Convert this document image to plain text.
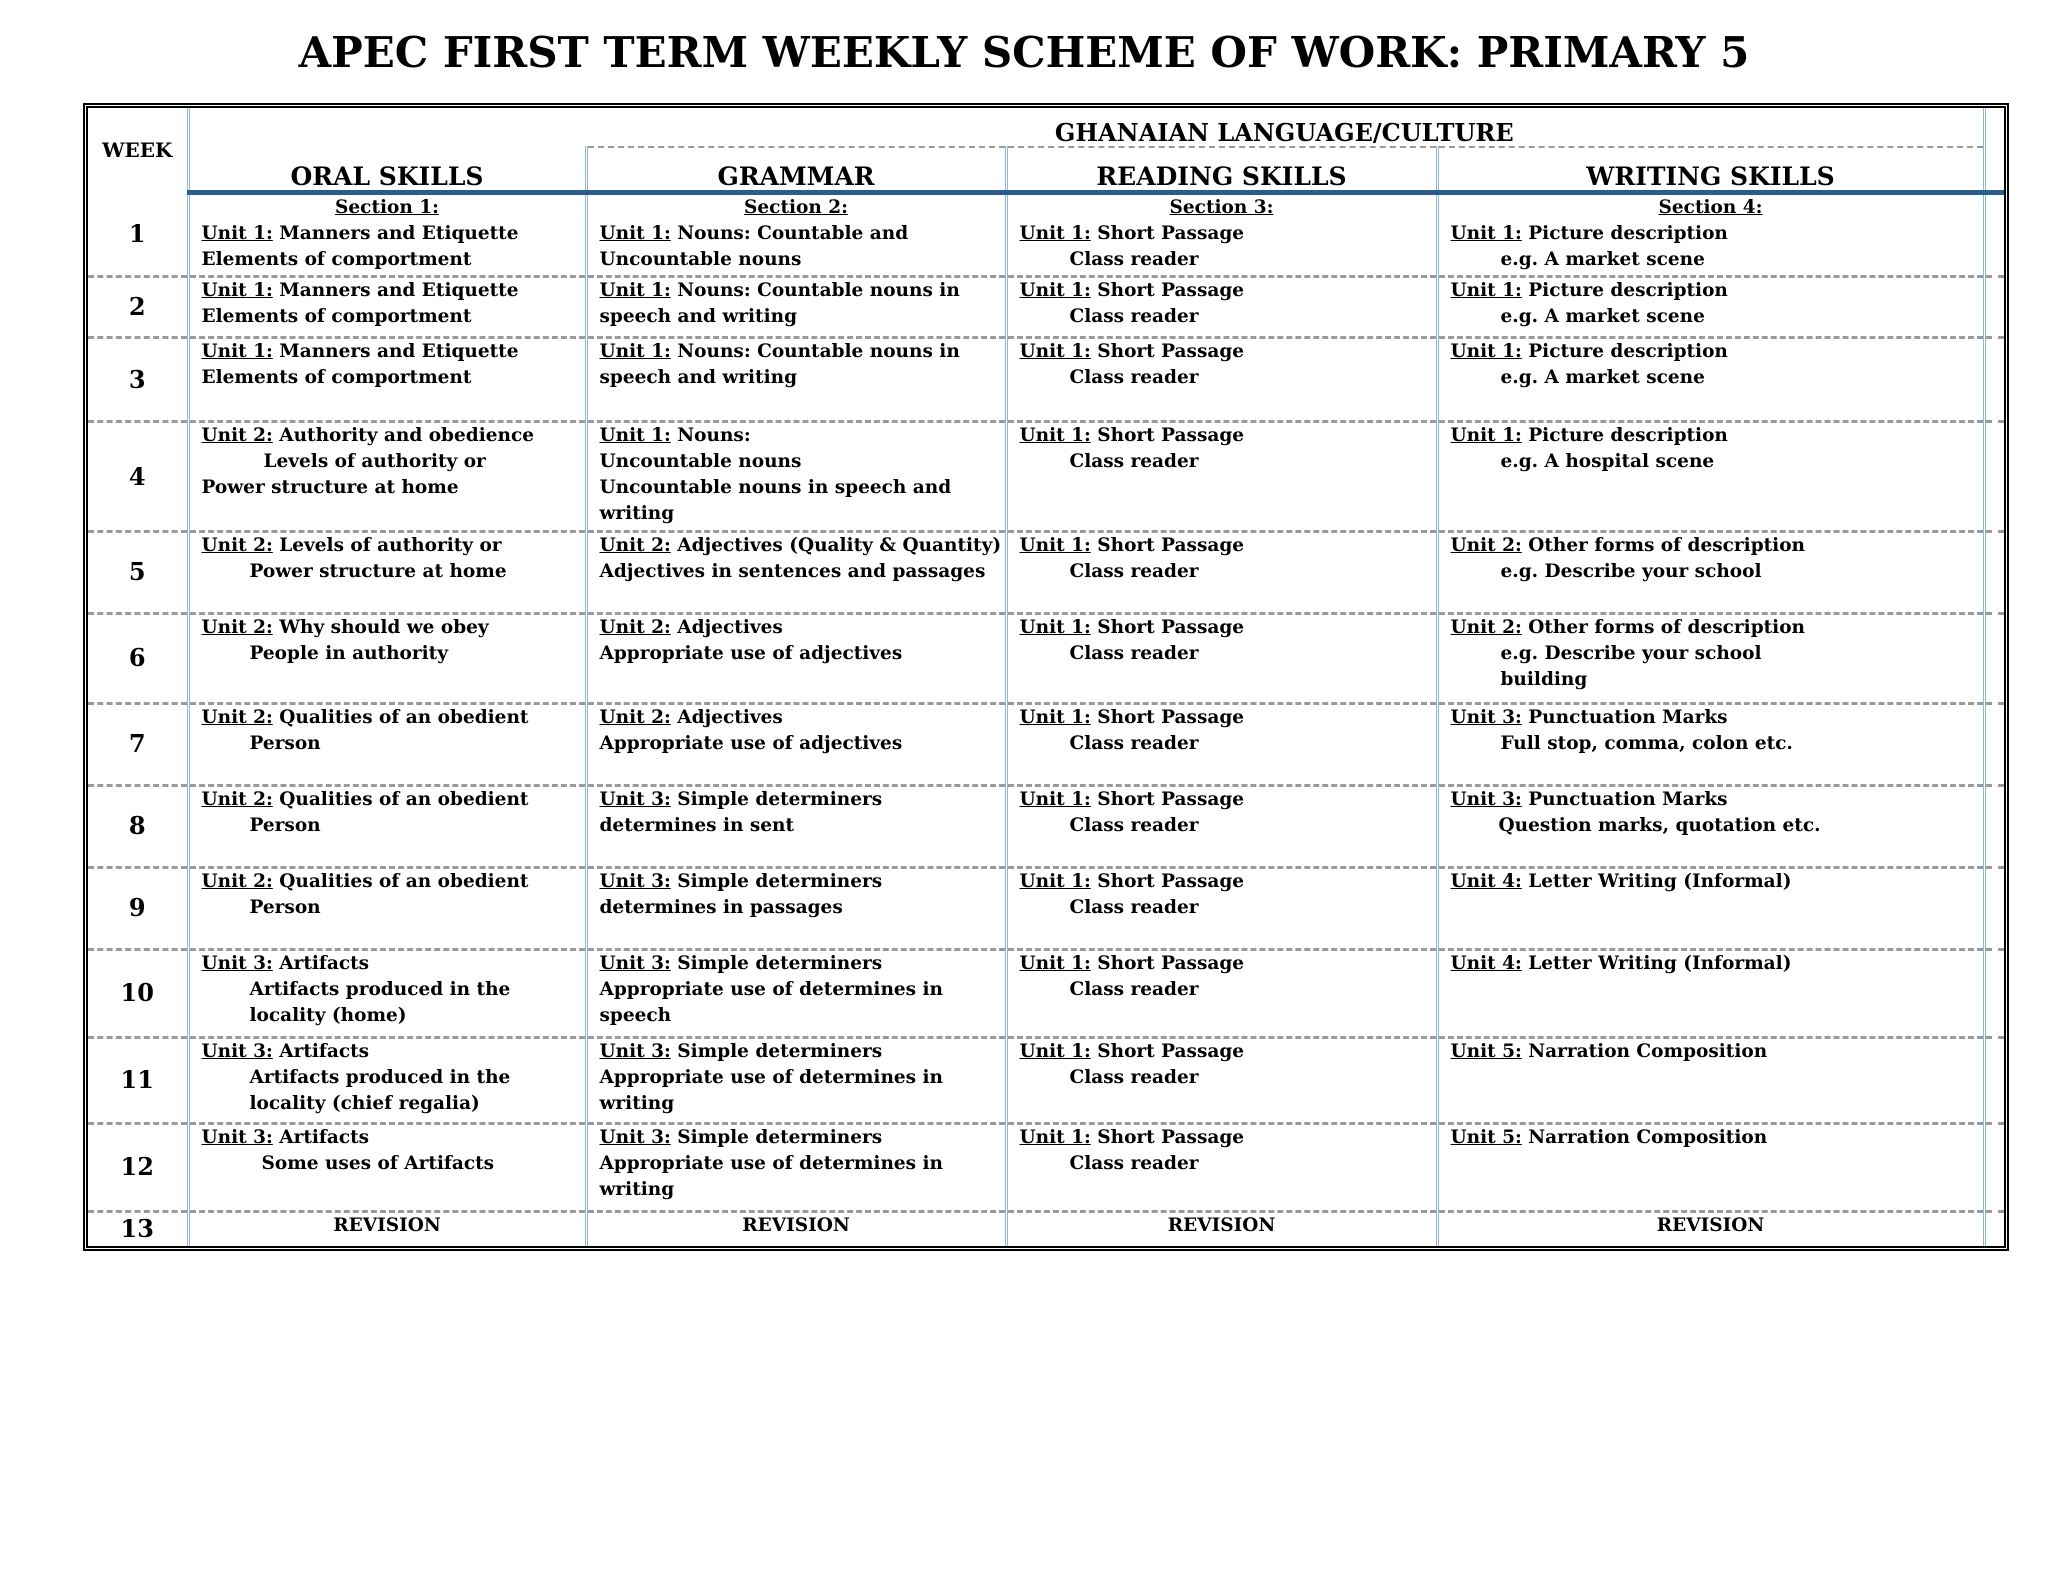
APEC FIRST TERM WEEKLY SCHEME OF WORK: PRIMARY 5
WEEK		GHANAIAN LANGUAGE/CULTURE			
	ORAL SKILLS	GRAMMAR	READING SKILLS	WRITING SKILLS	
1	Section 1:
Unit 1: Manners and Etiquette
Elements of comportment	Section 2:
Unit 1: Nouns: Countable and
Uncountable nouns	Section 3:
Unit 1: Short Passage
Class reader	Section 4:
Unit 1: Picture description
e.g. A market scene	

2	Unit 1: Manners and Etiquette
Elements of comportment	Unit 1: Nouns: Countable nouns in
speech and writing	Unit 1: Short Passage
Class reader	Unit 1: Picture description
e.g. A market scene	

3	Unit 1: Manners and Etiquette
Elements of comportment	Unit 1: Nouns: Countable nouns in
speech and writing	Unit 1: Short Passage
Class reader	Unit 1: Picture description
e.g. A market scene	

4	Unit 2: Authority and obedience
Levels of authority or
Power structure at home	Unit 1: Nouns:
Uncountable nouns
Uncountable nouns in speech and
writing	Unit 1: Short Passage
Class reader	Unit 1: Picture description
e.g. A hospital scene	

5	Unit 2: Levels of authority or
Power structure at home	Unit 2: Adjectives (Quality & Quantity)
Adjectives in sentences and passages	Unit 1: Short Passage
Class reader	Unit 2: Other forms of description
e.g. Describe your school	

6	Unit 2: Why should we obey
People in authority	Unit 2: Adjectives
Appropriate use of adjectives	Unit 1: Short Passage
Class reader	Unit 2: Other forms of description
e.g. Describe your school
building	

7	Unit 2: Qualities of an obedient
Person	Unit 2: Adjectives
Appropriate use of adjectives	Unit 1: Short Passage
Class reader	Unit 3: Punctuation Marks
Full stop, comma, colon etc.	

8	Unit 2: Qualities of an obedient
Person	Unit 3: Simple determiners
determines in sent	Unit 1: Short Passage
Class reader	Unit 3: Punctuation Marks
Question marks, quotation etc.	

9	Unit 2: Qualities of an obedient
Person	Unit 3: Simple determiners
determines in passages	Unit 1: Short Passage
Class reader	Unit 4: Letter Writing (Informal)	

10	Unit 3: Artifacts
Artifacts produced in the
locality (home)	Unit 3: Simple determiners
Appropriate use of determines in
speech	Unit 1: Short Passage
Class reader	Unit 4: Letter Writing (Informal)	

11	Unit 3: Artifacts
Artifacts produced in the
locality (chief regalia)	Unit 3: Simple determiners
Appropriate use of determines in
writing	Unit 1: Short Passage
Class reader	Unit 5: Narration Composition	

12	Unit 3: Artifacts
Some uses of Artifacts	Unit 3: Simple determiners
Appropriate use of determines in
writing	Unit 1: Short Passage
Class reader	Unit 5: Narration Composition	

13	REVISION	REVISION	REVISION	REVISION	
